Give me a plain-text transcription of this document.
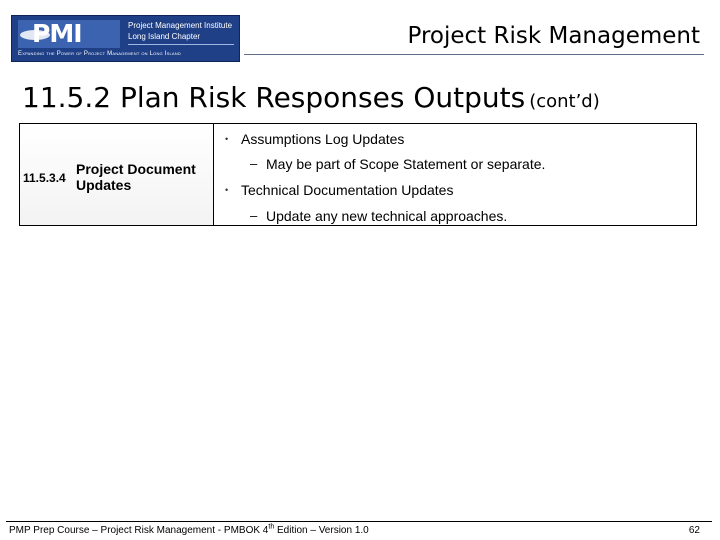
PMI	Project Management Institute
Long Island Chapter
Expanding the Power of Project Management on Long Island
Project Risk Management
11.5.2 Plan Risk Responses Outputs (cont’d)
11.5.3.4
Project Document Updates
• Assumptions Log Updates
– May be part of Scope Statement or separate.
• Technical Documentation Updates
– Update any new technical approaches.
PMP Prep Course – Project Risk Management - PMBOK 4th Edition – Version 1.0	62
